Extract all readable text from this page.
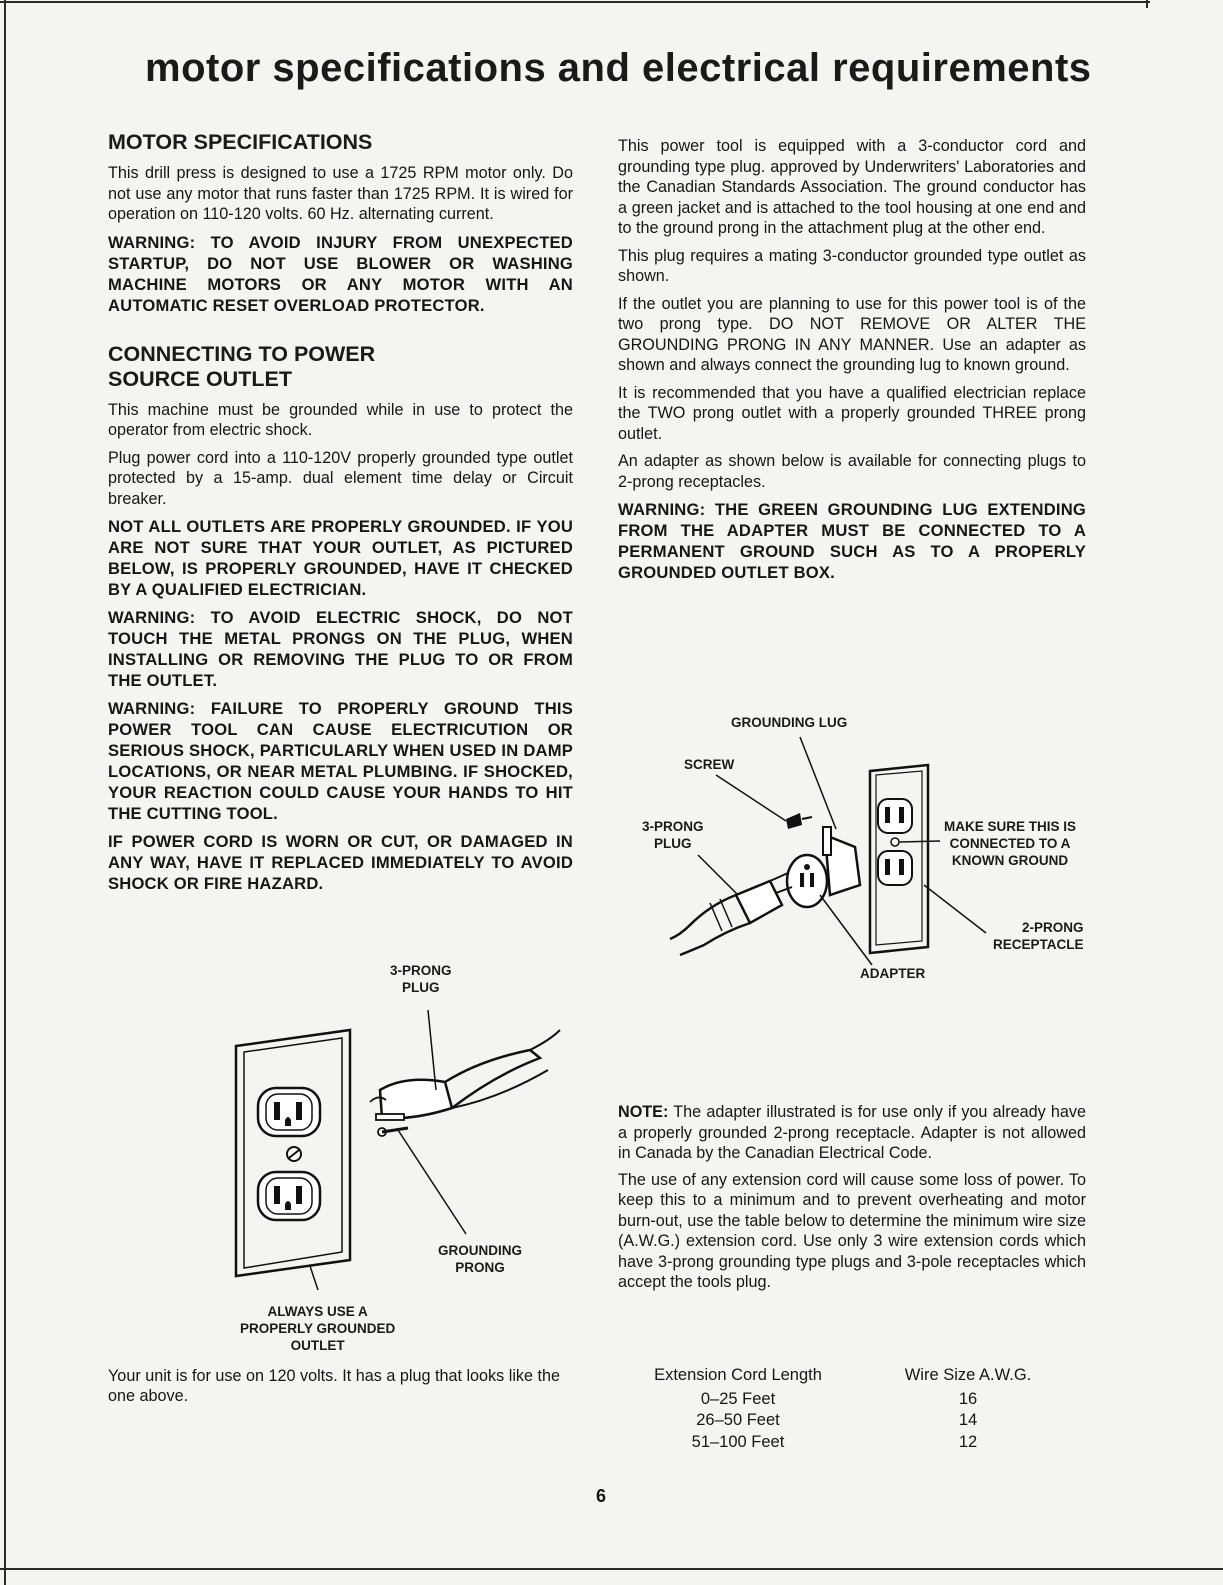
motor specifications and electrical requirements
MOTOR SPECIFICATIONS

This drill press is designed to use a 1725 RPM motor only. Do not use any motor that runs faster than 1725 RPM. It is wired for operation on 110-120 volts. 60 Hz. alternating current.

WARNING: TO AVOID INJURY FROM UNEXPECTED STARTUP, DO NOT USE BLOWER OR WASHING MACHINE MOTORS OR ANY MOTOR WITH AN AUTOMATIC RESET OVERLOAD PROTECTOR.

CONNECTING TO POWER
SOURCE OUTLET

This machine must be grounded while in use to protect the operator from electric shock.

Plug power cord into a 110-120V properly grounded type outlet protected by a 15-amp. dual element time delay or Circuit breaker.

NOT ALL OUTLETS ARE PROPERLY GROUNDED. IF YOU ARE NOT SURE THAT YOUR OUTLET, AS PICTURED BELOW, IS PROPERLY GROUNDED, HAVE IT CHECKED BY A QUALIFIED ELECTRICIAN.

WARNING: TO AVOID ELECTRIC SHOCK, DO NOT TOUCH THE METAL PRONGS ON THE PLUG, WHEN INSTALLING OR REMOVING THE PLUG TO OR FROM THE OUTLET.

WARNING: FAILURE TO PROPERLY GROUND THIS POWER TOOL CAN CAUSE ELECTRICUTION OR SERIOUS SHOCK, PARTICULARLY WHEN USED IN DAMP LOCATIONS, OR NEAR METAL PLUMBING. IF SHOCKED, YOUR REACTION COULD CAUSE YOUR HANDS TO HIT THE CUTTING TOOL.

IF POWER CORD IS WORN OR CUT, OR DAMAGED IN ANY WAY, HAVE IT REPLACED IMMEDIATELY TO AVOID SHOCK OR FIRE HAZARD.

3-PRONG
PLUG
GROUNDING
PRONG
ALWAYS USE A
PROPERLY GROUNDED
OUTLET
Your unit is for use on 120 volts. It has a plug that looks like the one above.

This power tool is equipped with a 3-conductor cord and grounding type plug. approved by Underwriters' Laboratories and the Canadian Standards Association. The ground conductor has a green jacket and is attached to the tool housing at one end and to the ground prong in the attachment plug at the other end.

This plug requires a mating 3-conductor grounded type outlet as shown.

If the outlet you are planning to use for this power tool is of the two prong type. DO NOT REMOVE OR ALTER THE GROUNDING PRONG IN ANY MANNER. Use an adapter as shown and always connect the grounding lug to known ground.

It is recommended that you have a qualified electrician replace the TWO prong outlet with a properly grounded THREE prong outlet.

An adapter as shown below is available for connecting plugs to 2-prong receptacles.

WARNING: THE GREEN GROUNDING LUG EXTENDING FROM THE ADAPTER MUST BE CONNECTED TO A PERMANENT GROUND SUCH AS TO A PROPERLY GROUNDED OUTLET BOX.

GROUNDING LUG
SCREW
3-PRONG
PLUG
MAKE SURE THIS IS
CONNECTED TO A
KNOWN GROUND
2-PRONG
RECEPTACLE
ADAPTER

NOTE: The adapter illustrated is for use only if you already have a properly grounded 2-prong receptacle. Adapter is not allowed in Canada by the Canadian Electrical Code.

The use of any extension cord will cause some loss of power. To keep this to a minimum and to prevent overheating and motor burn-out, use the table below to determine the minimum wire size (A.W.G.) extension cord. Use only 3 wire extension cords which have 3-prong grounding type plugs and 3-pole receptacles which accept the tools plug.

Extension Cord Length	Wire Size A.W.G.
0–25 Feet	16
26–50 Feet	14
51–100 Feet	12
6
